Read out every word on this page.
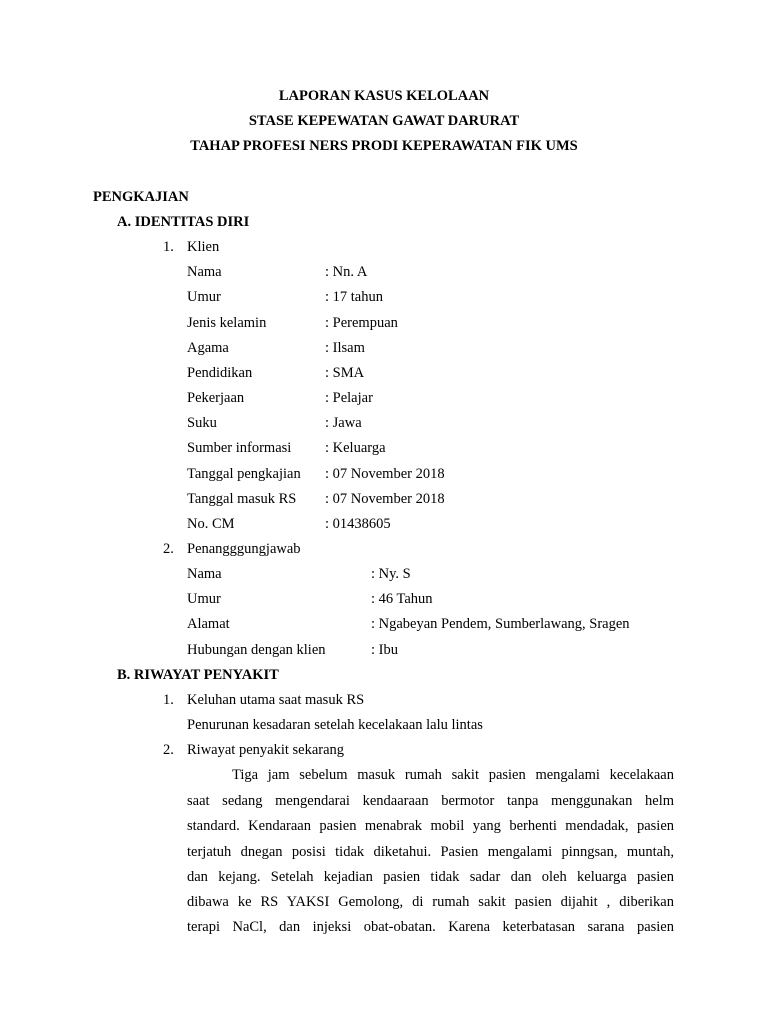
LAPORAN KASUS KELOLAAN
STASE KEPEWATAN GAWAT DARURAT
TAHAP PROFESI NERS PRODI KEPERAWATAN FIK UMS
PENGKAJIAN
A. IDENTITAS DIRI
1. Klien
Nama	: Nn. A
Umur	: 17 tahun
Jenis kelamin	: Perempuan
Agama	: Ilsam
Pendidikan	: SMA
Pekerjaan	: Pelajar
Suku	: Jawa
Sumber informasi : Keluarga
Tanggal pengkajian : 07 November 2018
Tanggal masuk RS : 07 November 2018
No. CM	: 01438605
2. Penangggungjawab
Nama	: Ny. S
Umur	: 46 Tahun
Alamat	: Ngabeyan Pendem, Sumberlawang, Sragen
Hubungan dengan klien	: Ibu
B. RIWAYAT PENYAKIT
1. Keluhan utama saat masuk RS
Penurunan kesadaran setelah kecelakaan lalu lintas
2. Riwayat penyakit sekarang
Tiga jam sebelum masuk rumah sakit pasien mengalami kecelakaan
saat sedang mengendarai kendaaraan bermotor tanpa menggunakan helm
standard. Kendaraan pasien menabrak mobil yang berhenti mendadak, pasien
terjatuh dnegan posisi tidak diketahui. Pasien mengalami pinngsan, muntah,
dan kejang. Setelah kejadian pasien tidak sadar dan oleh keluarga pasien
dibawa ke RS YAKSI Gemolong, di rumah sakit pasien dijahit , diberikan
terapi NaCl, dan injeksi obat-obatan. Karena keterbatasan sarana pasien
